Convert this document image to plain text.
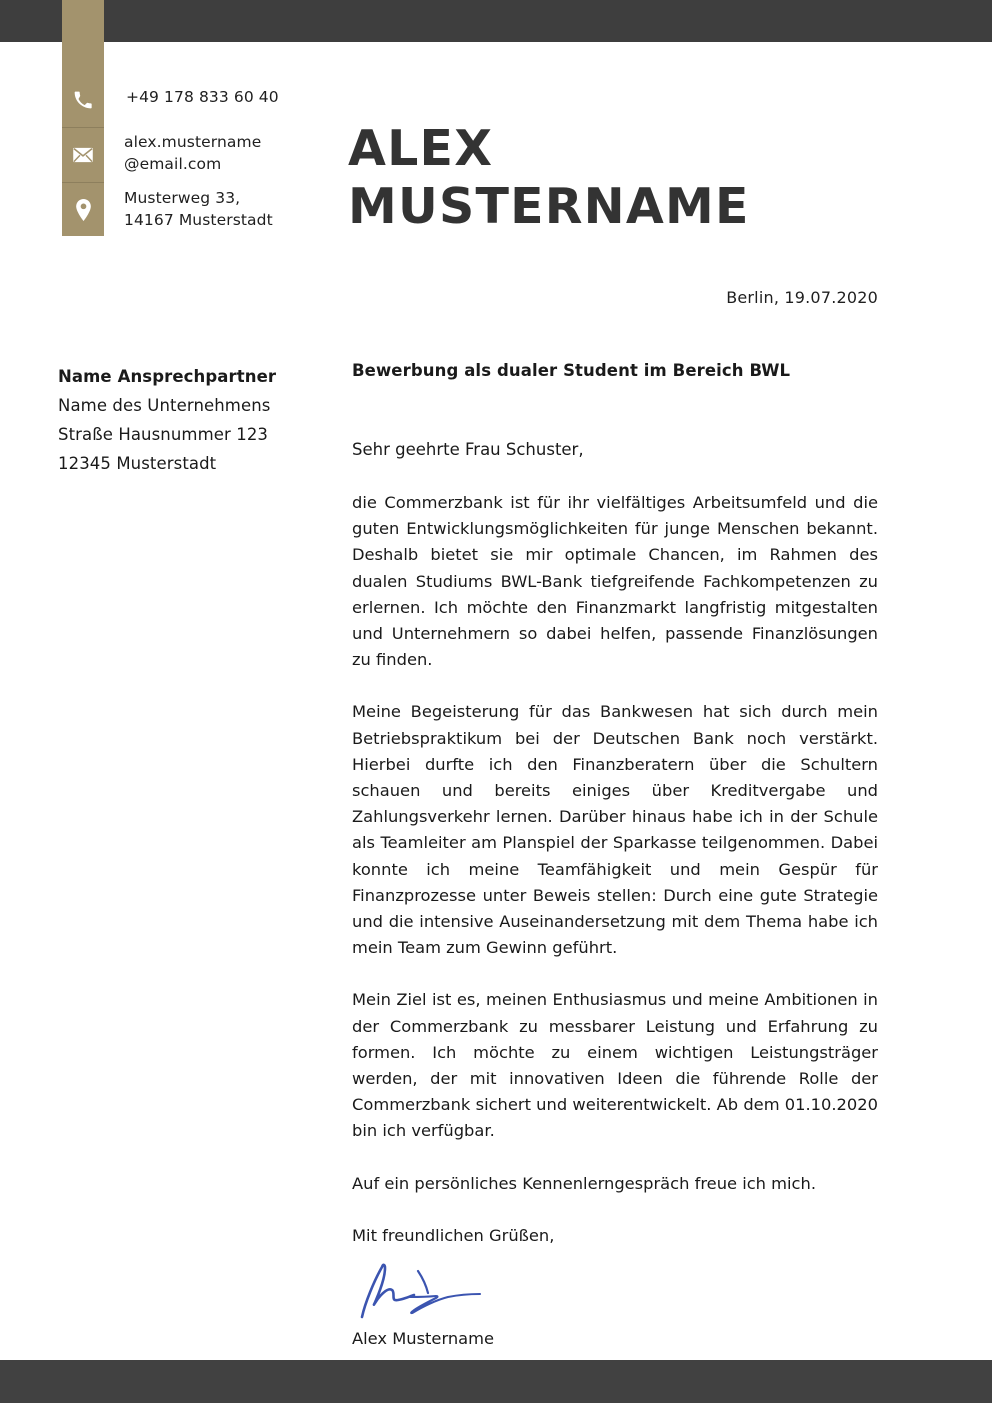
+49 178 833 60 40
alex.mustername
@email.com
Musterweg 33,
14167 Musterstadt
ALEX
MUSTERNAME
Berlin, 19.07.2020
Name Ansprechpartner
Name des Unternehmens
Straße Hausnummer 123
12345 Musterstadt
Bewerbung als dualer Student im Bereich BWL
Sehr geehrte Frau Schuster,

die Commerzbank ist für ihr vielfältiges Arbeitsumfeld und die guten Entwicklungsmöglichkeiten für junge Menschen bekannt. Deshalb bietet sie mir optimale Chancen, im Rahmen des dualen Studiums BWL-Bank tiefgreifende Fachkompetenzen zu erlernen. Ich möchte den Finanzmarkt langfristig mitgestalten und Unternehmern so dabei helfen, passende Finanzlösungen zu finden.

Meine Begeisterung für das Bankwesen hat sich durch mein Betriebspraktikum bei der Deutschen Bank noch verstärkt. Hierbei durfte ich den Finanzberatern über die Schultern schauen und bereits einiges über Kreditvergabe und Zahlungsverkehr lernen. Darüber hinaus habe ich in der Schule als Teamleiter am Planspiel der Sparkasse teilgenommen. Dabei konnte ich meine Teamfähigkeit und mein Gespür für Finanzprozesse unter Beweis stellen: Durch eine gute Strategie und die intensive Auseinandersetzung mit dem Thema habe ich mein Team zum Gewinn geführt.

Mein Ziel ist es, meinen Enthusiasmus und meine Ambitionen in der Commerzbank zu messbarer Leistung und Erfahrung zu formen. Ich möchte zu einem wichtigen Leistungsträger werden, der mit innovativen Ideen die führende Rolle der Commerzbank sichert und weiterentwickelt. Ab dem 01.10.2020 bin ich verfügbar.

Auf ein persönliches Kennenlerngespräch freue ich mich.

Mit freundlichen Grüßen,
Alex Mustername
